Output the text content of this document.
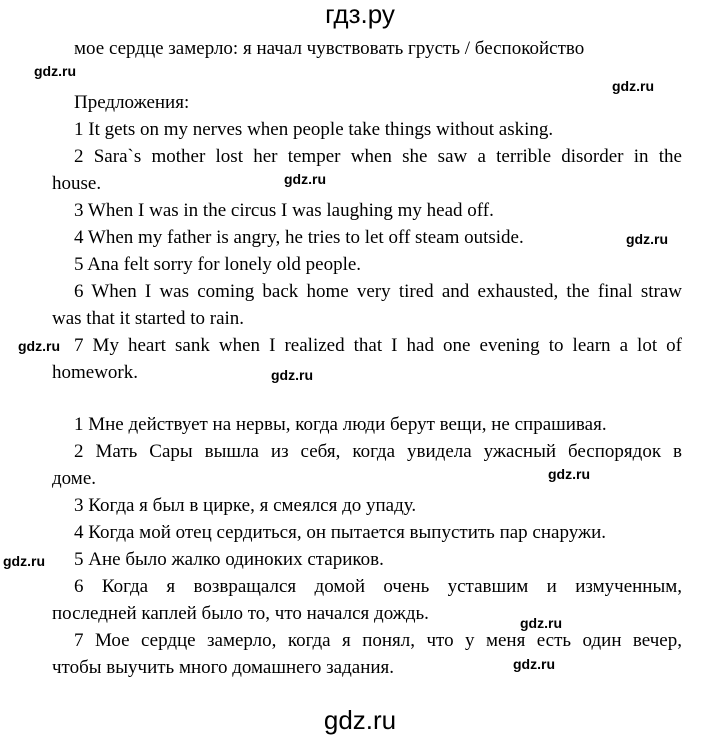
гдз.ру
gdz.ru
gdz.ru
gdz.ru
gdz.ru
gdz.ru
gdz.ru
gdz.ru
gdz.ru
gdz.ru
gdz.ru
мое сердце замерло: я начал чувствовать грусть / беспокойство
Предложения:
1 It gets on my nerves when people take things without asking.
2 Sara`s mother lost her temper when she saw a terrible disorder in the
house.
3 When I was in the circus I was laughing my head off.
4 When my father is angry, he tries to let off steam outside.
5 Ana felt sorry for lonely old people.
6 When I was coming back home very tired and exhausted, the final straw
was that it started to rain.
7 My heart sank when I realized that I had one evening to learn a lot of
homework.
1 Мне действует на нервы, когда люди берут вещи, не спрашивая.
2 Мать Сары вышла из себя, когда увидела ужасный беспорядок в
доме.
3 Когда я был в цирке, я смеялся до упаду.
4 Когда мой отец сердиться, он пытается выпустить пар снаружи.
5 Ане было жалко одиноких стариков.
6 Когда я возвращался домой очень уставшим и измученным,
последней каплей было то, что начался дождь.
7 Мое сердце замерло, когда я понял, что у меня есть один вечер,
чтобы выучить много домашнего задания.
gdz.ru
